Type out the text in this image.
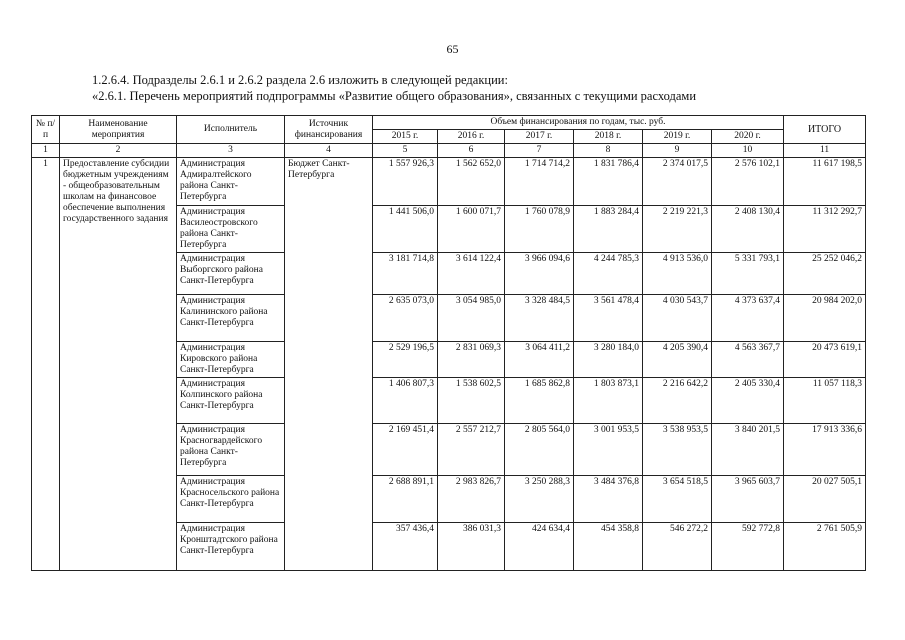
65
1.2.6.4. Подразделы 2.6.1 и 2.6.2 раздела 2.6 изложить в следующей редакции:
«2.6.1. Перечень мероприятий подпрограммы «Развитие общего образования», связанных с текущими расходами
№ п/п	Наименование мероприятия	Исполнитель	Источник финансирования	Объем финансирования по годам, тыс. руб.						ИТОГО
				2015 г.	2016 г.	2017 г.	2018 г.	2019 г.	2020 г.	
1	2	3	4	5	6	7	8	9	10	11
1	Предоставление субсидии бюджетным учреждениям - общеобразовательным школам на финансовое обеспечение выполнения государственного задания	Администрация Адмиралтейского района Санкт-Петербурга	Бюджет Санкт-Петербурга	1 557 926,3	1 562 652,0	1 714 714,2	1 831 786,4	2 374 017,5	2 576 102,1	11 617 198,5
		Администрация Василеостровского района Санкт-Петербурга		1 441 506,0	1 600 071,7	1 760 078,9	1 883 284,4	2 219 221,3	2 408 130,4	11 312 292,7
		Администрация Выборгского района Санкт-Петербурга		3 181 714,8	3 614 122,4	3 966 094,6	4 244 785,3	4 913 536,0	5 331 793,1	25 252 046,2
		Администрация Калининского района Санкт-Петербурга		2 635 073,0	3 054 985,0	3 328 484,5	3 561 478,4	4 030 543,7	4 373 637,4	20 984 202,0
		Администрация Кировского района Санкт-Петербурга		2 529 196,5	2 831 069,3	3 064 411,2	3 280 184,0	4 205 390,4	4 563 367,7	20 473 619,1
		Администрация Колпинского района Санкт-Петербурга		1 406 807,3	1 538 602,5	1 685 862,8	1 803 873,1	2 216 642,2	2 405 330,4	11 057 118,3
		Администрация Красногвардейского района Санкт-Петербурга		2 169 451,4	2 557 212,7	2 805 564,0	3 001 953,5	3 538 953,5	3 840 201,5	17 913 336,6
		Администрация Красносельского района Санкт-Петербурга		2 688 891,1	2 983 826,7	3 250 288,3	3 484 376,8	3 654 518,5	3 965 603,7	20 027 505,1
		Администрация Кронштадтского района Санкт-Петербурга		357 436,4	386 031,3	424 634,4	454 358,8	546 272,2	592 772,8	2 761 505,9
